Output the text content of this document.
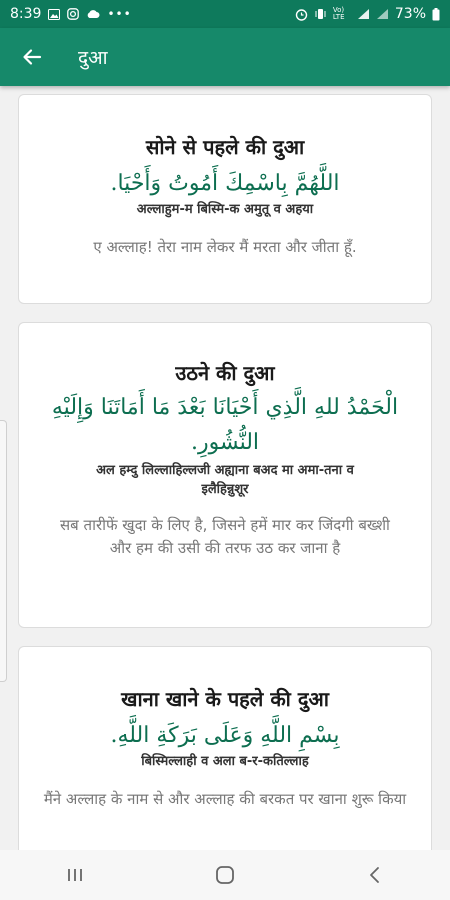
8:39	•••	Vo) LTE	73%
दुआ
सोने से पहले की दुआ
اللَّهُمَّ بِاسْمِكَ أَمُوتُ وَأَحْيَا.
अल्लाहुम-म बिस्मि-क अमुतू व अहया
ए अल्लाह! तेरा नाम लेकर मैं मरता और जीता हूँ.
उठने की दुआ
الْحَمْدُ للهِ الَّذِي أَحْيَانَا بَعْدَ مَا أَمَاتَنَا وَإِلَيْهِ النُّشُورِ.
अल हम्दु लिल्लाहिल्लजी अह्याना बअद मा अमा-तना व इलैहिन्नुशूर
सब तारीफें खुदा के लिए है, जिसने हमें मार कर जिंदगी बख्शी और हम की उसी की तरफ उठ कर जाना है
खाना खाने के पहले की दुआ
بِسْمِ اللَّهِ وَعَلَى بَرَكَةِ اللَّهِ.
बिस्मिल्लाही व अला ब-र-कतिल्लाह
मैंने अल्लाह के नाम से और अल्लाह की बरकत पर खाना शुरू किया
